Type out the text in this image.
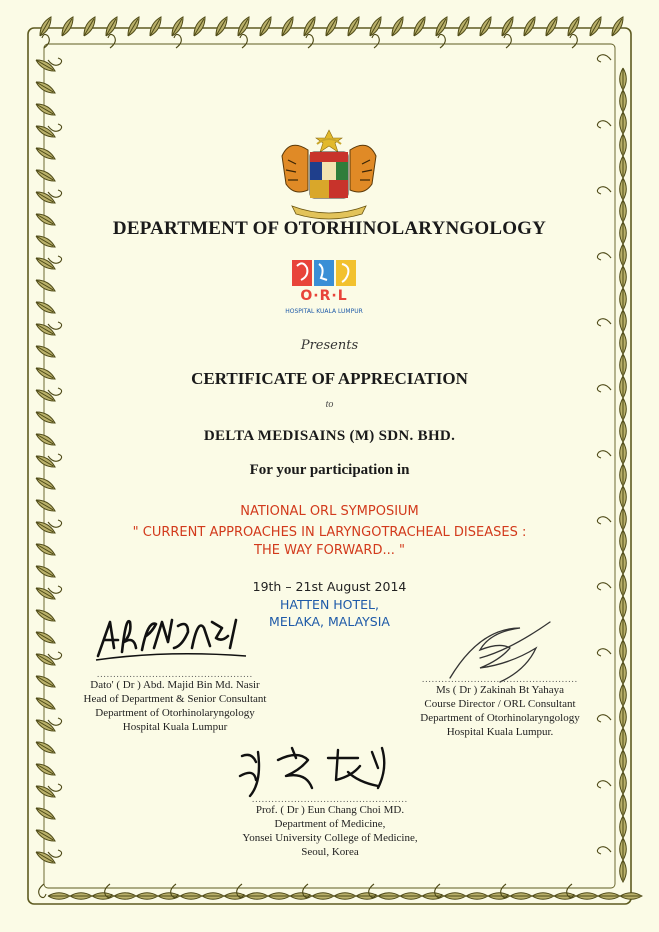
DEPARTMENT OF OTORHINOLARYNGOLOGY
O·R·L
HOSPITAL KUALA LUMPUR
Presents
CERTIFICATE OF APPRECIATION
to
DELTA MEDISAINS (M) SDN. BHD.
For your participation in
NATIONAL ORL SYMPOSIUM
" CURRENT APPROACHES IN LARYNGOTRACHEAL DISEASES :
THE WAY FORWARD... "
19th – 21st August 2014
HATTEN HOTEL,
MELAKA, MALAYSIA
................................................
Dato' ( Dr ) Abd. Majid Bin Md. Nasir
Head of Department & Senior Consultant
Department of Otorhinolaryngology
Hospital Kuala Lumpur
................................................
Ms ( Dr ) Zakinah Bt Yahaya
Course Director / ORL Consultant
Department of Otorhinolaryngology
Hospital Kuala Lumpur.
................................................
Prof. ( Dr ) Eun Chang Choi MD.
Department of Medicine,
Yonsei University College of Medicine,
Seoul, Korea
